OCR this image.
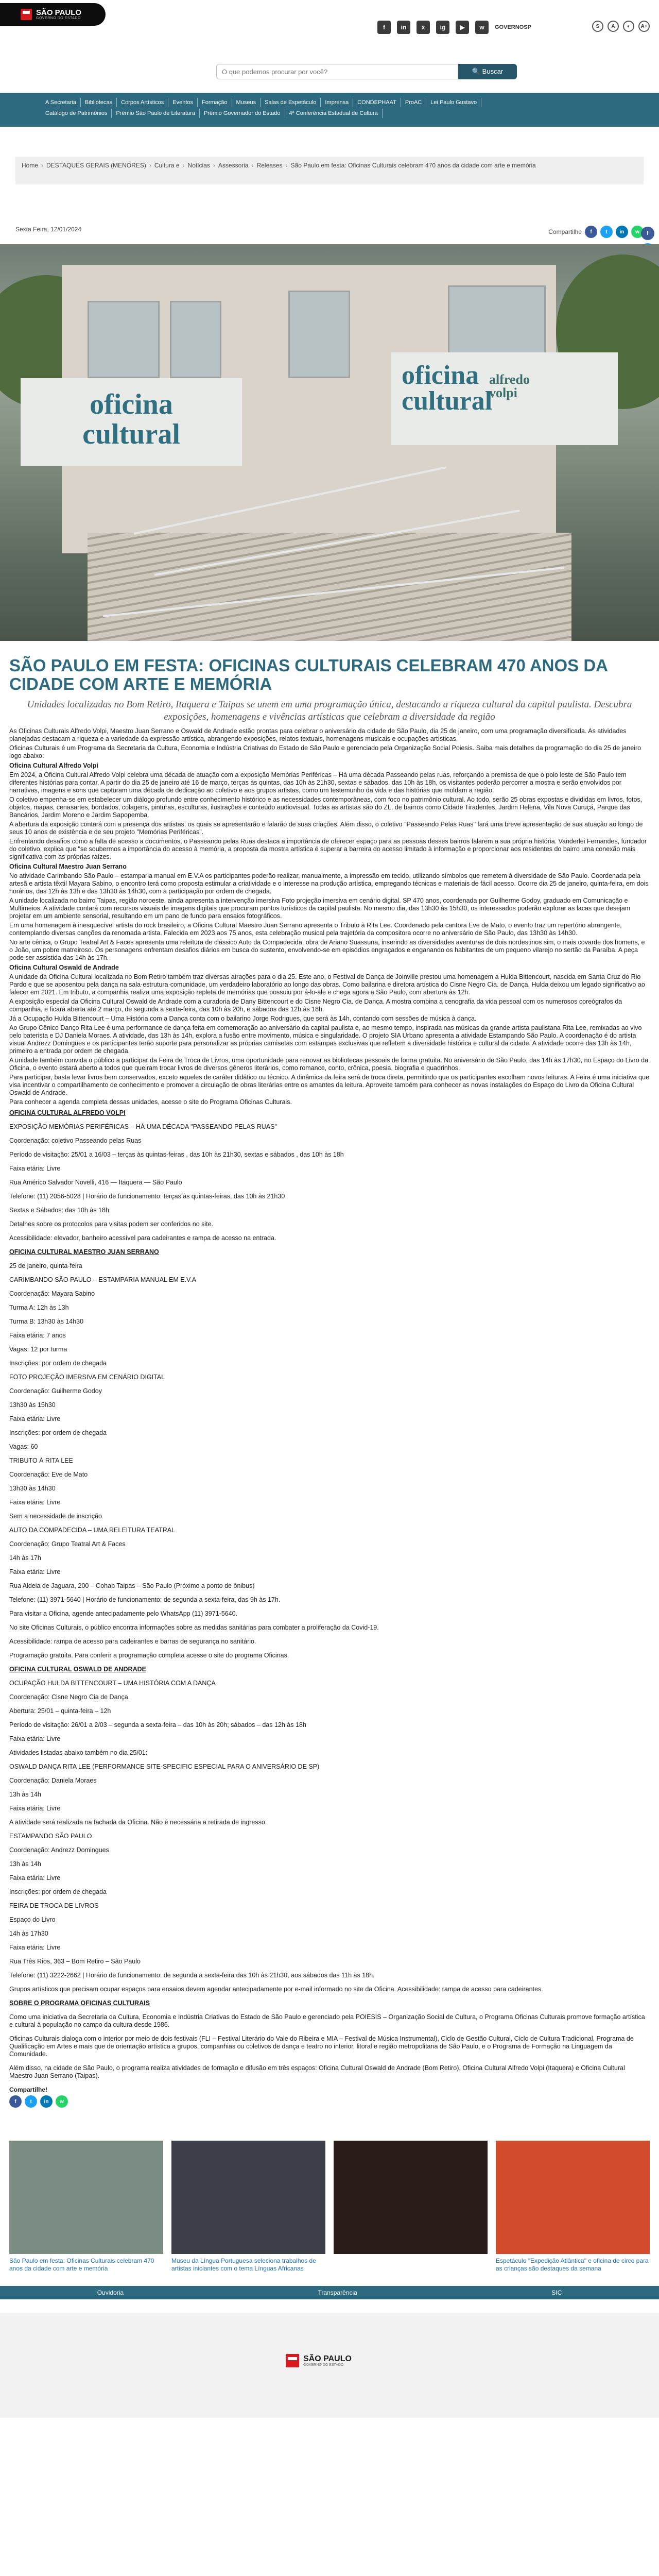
SÃO PAULO
GOVERNO DO ESTADO
f	in	x	ig	▶	w	GOVERNOSP	S	A	◐	A+
O que podemos procurar por você?
🔍 Buscar
A Secretaria	Bibliotecas	Corpos Artísticos	Eventos	Formação	Museus	Salas de Espetáculo	Imprensa	CONDEPHAAT	ProAC	Lei Paulo Gustavo
Catálogo de Patrimônios	Prêmio São Paulo de Literatura	Prêmio Governador do Estado	4ª Conferência Estadual de Cultura
Home › DESTAQUES GERAIS (MENORES) › Cultura e › Notícias › Assessoria › Releases › São Paulo em festa: Oficinas Culturais celebram 470 anos da cidade com arte e memória
Sexta Feira, 12/01/2024	Compartilhe	f	t	in	w	f
oficina
cultural
oficina
cultural
alfredo
volpi
SÃO PAULO EM FESTA: OFICINAS CULTURAIS CELEBRAM 470 ANOS DA CIDADE COM ARTE E MEMÓRIA

Unidades localizadas no Bom Retiro, Itaquera e Taipas se unem em uma programação única, destacando a riqueza cultural da capital paulista. Descubra exposições, homenagens e vivências artísticas que celebram a diversidade da região

As Oficinas Culturais Alfredo Volpi, Maestro Juan Serrano e Oswald de Andrade estão prontas para celebrar o aniversário da cidade de São Paulo, dia 25 de janeiro, com uma programação diversificada. As atividades planejadas destacam a riqueza e a variedade da expressão artística, abrangendo exposições, relatos textuais, homenagens musicais e ocupações artísticas.

Oficinas Culturais é um Programa da Secretaria da Cultura, Economia e Indústria Criativas do Estado de São Paulo e gerenciado pela Organização Social Poiesis. Saiba mais detalhes da programação do dia 25 de janeiro logo abaixo:

Oficina Cultural Alfredo Volpi

Em 2024, a Oficina Cultural Alfredo Volpi celebra uma década de atuação com a exposição Memórias Periféricas – Há uma década Passeando pelas ruas, reforçando a premissa de que o polo leste de São Paulo tem diferentes histórias para contar. A partir do dia 25 de janeiro até 16 de março, terças às quintas, das 10h às 21h30, sextas e sábados, das 10h às 18h, os visitantes poderão percorrer a mostra e serão envolvidos por narrativas, imagens e sons que capturam uma década de dedicação ao coletivo e aos grupos artistas, como um testemunho da vida e das histórias que moldam a região.

O coletivo empenha-se em estabelecer um diálogo profundo entre conhecimento histórico e as necessidades contemporâneas, com foco no patrimônio cultural. Ao todo, serão 25 obras expostas e divididas em livros, fotos, objetos, mapas, cenasartes, bordados, colagens, pinturas, esculturas, ilustrações e conteúdo audiovisual. Todas as artistas são do ZL, de bairros como Cidade Tiradentes, Jardim Helena, Vila Nova Curuçá, Parque das Bancários, Jardim Moreno e Jardim Sapopemba.

A abertura da exposição contará com a presença dos artistas, os quais se apresentarão e falarão de suas criações. Além disso, o coletivo "Passeando Pelas Ruas" fará uma breve apresentação de sua atuação ao longo de seus 10 anos de existência e de seu projeto "Memórias Periféricas".

Enfrentando desafios como a falta de acesso a documentos, o Passeando pelas Ruas destaca a importância de oferecer espaço para as pessoas desses bairros falarem a sua própria história. Vanderlei Fernandes, fundador do coletivo, explica que "se soubermos a importância do acesso à memória, a proposta da mostra artística é superar a barreira do acesso limitado à informação e proporcionar aos residentes do bairro uma conexão mais significativa com as próprias raízes.

Oficina Cultural Maestro Juan Serrano

No atividade Carimbando São Paulo – estamparia manual em E.V.A os participantes poderão realizar, manualmente, a impressão em tecido, utilizando símbolos que remetem à diversidade de São Paulo. Coordenada pela artesã e artista têxtil Mayara Sabino, o encontro terá como proposta estimular a criatividade e o interesse na produção artística, empregando técnicas e materiais de fácil acesso. Ocorre dia 25 de janeiro, quinta-feira, em dois horários, das 12h às 13h e das 13h30 às 14h30, com a participação por ordem de chegada.

A unidade localizada no bairro Taipas, região noroeste, ainda apresenta a intervenção imersiva Foto projeção imersiva em cenário digital. SP 470 anos, coordenada por Guilherme Godoy, graduado em Comunicação e Multimeios. A atividade contará com recursos visuais de imagens digitais que procuram pontos turísticos da capital paulista. No mesmo dia, das 13h30 às 15h30, os interessados poderão explorar as lacas que desejam projetar em um ambiente sensorial, resultando em um pano de fundo para ensaios fotográficos.

Em uma homenagem à inesquecível artista do rock brasileiro, a Oficina Cultural Maestro Juan Serrano apresenta o Tributo à Rita Lee. Coordenado pela cantora Eve de Mato, o evento traz um repertório abrangente, contemplando diversas canções da renomada artista. Falecida em 2023 aos 75 anos, esta celebração musical pela trajetória da compositora ocorre no aniversário de São Paulo, das 13h30 às 14h30.

No arte cênica, o Grupo Teatral Art & Faces apresenta uma releitura de clássico Auto da Compadecida, obra de Ariano Suassuna, inserindo as diversidades aventuras de dois nordestinos sim, o mais covarde dos homens, e o João, um pobre matreiroso. Os personagens enfrentam desafios diários em busca do sustento, envolvendo-se em episódios engraçados e enganando os habitantes de um pequeno vilarejo no sertão da Paraíba. A peça pode ser assistida das 14h às 17h.

Oficina Cultural Oswald de Andrade

A unidade da Oficina Cultural localizada no Bom Retiro também traz diversas atrações para o dia 25. Este ano, o Festival de Dança de Joinville prestou uma homenagem a Hulda Bittencourt, nascida em Santa Cruz do Rio Pardo e que se aposentou pela dança na sala·estrutura·comunidade, um verdadeiro laboratório ao longo das obras. Como bailarina e diretora artística do Cisne Negro Cia. de Dança, Hulda deixou um legado significativo ao falecer em 2021. Em tributo, a companhia realiza uma exposição repleta de memórias que possuiu por á-lo-ale e chega agora a São Paulo, com abertura às 12h.

A exposição especial da Oficina Cultural Oswald de Andrade com a curadoria de Dany Bittencourt e do Cisne Negro Cia. de Dança. A mostra combina a cenografia da vida pessoal com os numerosos coreógrafos da companhia, e ficará aberta até 2 março, de segunda a sexta-feira, das 10h às 20h, e sábados das 12h às 18h.

Já a Ocupação Hulda Bittencourt – Uma História com a Dança conta com o bailarino Jorge Rodrigues, que será às 14h, contando com sessões de música à dança.

Ao Grupo Cênico Danço Rita Lee é uma performance de dança feita em comemoração ao aniversário da capital paulista e, ao mesmo tempo, inspirada nas músicas da grande artista paulistana Rita Lee, remixadas ao vivo pelo baterista e DJ Daniela Moraes. A atividade, das 13h às 14h, explora a fusão entre movimento, música e singularidade. O projeto SIA Urbano apresenta a atividade Estampando São Paulo. A coordenação é do artista visual Andrezz Domingues e os participantes terão suporte para personalizar as próprias camisetas com estampas exclusivas que refletem a diversidade histórica e cultural da cidade. A atividade ocorre das 13h às 14h, primeiro a entrada por ordem de chegada.

A unidade também convida o público a participar da Feira de Troca de Livros, uma oportunidade para renovar as bibliotecas pessoais de forma gratuita. No aniversário de São Paulo, das 14h às 17h30, no Espaço do Livro da Oficina, o evento estará aberto a todos que queiram trocar livros de diversos gêneros literários, como romance, conto, crônica, poesia, biografia e quadrinhos.

Para participar, basta levar livros bem conservados, exceto aqueles de caráter didático ou técnico. A dinâmica da feira será de troca direta, permitindo que os participantes escolham novos leituras. A Feira é uma iniciativa que visa incentivar o compartilhamento de conhecimento e promover a circulação de obras literárias entre os amantes da leitura. Aproveite também para conhecer as novas instalações do Espaço do Livro da Oficina Cultural Oswald de Andrade.

Para conhecer a agenda completa dessas unidades, acesse o site do Programa Oficinas Culturais.

OFICINA CULTURAL ALFREDO VOLPI

EXPOSIÇÃO MEMÓRIAS PERIFÉRICAS – HÁ UMA DÉCADA "PASSEANDO PELAS RUAS"

Coordenação: coletivo Passeando pelas Ruas

Período de visitação: 25/01 a 16/03 – terças às quintas-feiras , das 10h às 21h30, sextas e sábados , das 10h às 18h

Faixa etária: Livre

Rua Américo Salvador Novelli, 416 — Itaquera — São Paulo

Telefone: (11) 2056-5028 | Horário de funcionamento: terças às quintas-feiras, das 10h às 21h30

Sextas e Sábados: das 10h às 18h

Detalhes sobre os protocolos para visitas podem ser conferidos no site.

Acessibilidade: elevador, banheiro acessível para cadeirantes e rampa de acesso na entrada.

OFICINA CULTURAL MAESTRO JUAN SERRANO

25 de janeiro, quinta-feira

CARIMBANDO SÃO PAULO – ESTAMPARIA MANUAL EM E.V.A

Coordenação: Mayara Sabino

Turma A: 12h às 13h

Turma B: 13h30 às 14h30

Faixa etária: 7 anos

Vagas: 12 por turma

Inscrições: por ordem de chegada

FOTO PROJEÇÃO IMERSIVA EM CENÁRIO DIGITAL

Coordenação: Guilherme Godoy

13h30 às 15h30

Faixa etária: Livre

Inscrições: por ordem de chegada

Vagas: 60

TRIBUTO À RITA LEE

Coordenação: Eve de Mato

13h30 às 14h30

Faixa etária: Livre

Sem a necessidade de inscrição

AUTO DA COMPADECIDA – UMA RELEITURA TEATRAL

Coordenação: Grupo Teatral Art & Faces

14h às 17h

Faixa etária: Livre

Rua Aldeia de Jaguara, 200 – Cohab Taipas – São Paulo (Próximo a ponto de ônibus)

Telefone: (11) 3971-5640 | Horário de funcionamento: de segunda a sexta-feira, das 9h às 17h.

Para visitar a Oficina, agende antecipadamente pelo WhatsApp (11) 3971-5640.

No site Oficinas Culturais, o público encontra informações sobre as medidas sanitárias para combater a proliferação da Covid-19.

Acessibilidade: rampa de acesso para cadeirantes e barras de segurança no sanitário.

Programação gratuita. Para conferir a programação completa acesse o site do programa Oficinas.

OFICINA CULTURAL OSWALD DE ANDRADE

OCUPAÇÃO HULDA BITTENCOURT – UMA HISTÓRIA COM A DANÇA

Coordenação: Cisne Negro Cia de Dança

Abertura: 25/01 – quinta-feira – 12h

Período de visitação: 26/01 a 2/03 – segunda a sexta-feira – das 10h às 20h; sábados – das 12h às 18h

Faixa etária: Livre

Atividades listadas abaixo também no dia 25/01:

OSWALD DANÇA RITA LEE (PERFORMANCE SITE-SPECIFIC ESPECIAL PARA O ANIVERSÁRIO DE SP)

Coordenação: Daniela Moraes

13h às 14h

Faixa etária: Livre

A atividade será realizada na fachada da Oficina. Não é necessária a retirada de ingresso.

ESTAMPANDO SÃO PAULO

Coordenação: Andrezz Domingues

13h às 14h

Faixa etária: Livre

Inscrições: por ordem de chegada

FEIRA DE TROCA DE LIVROS

Espaço do Livro

14h às 17h30

Faixa etária: Livre

Rua Três Rios, 363 – Bom Retiro – São Paulo

Telefone: (11) 3222-2662 | Horário de funcionamento: de segunda a sexta-feira das 10h às 21h30, aos sábados das 11h às 18h.

Grupos artísticos que precisam ocupar espaços para ensaios devem agendar antecipadamente por e-mail informado no site da Oficina. Acessibilidade: rampa de acesso para cadeirantes.

SOBRE O PROGRAMA OFICINAS CULTURAIS

Como uma iniciativa da Secretaria da Cultura, Economia e Indústria Criativas do Estado de São Paulo e gerenciado pela POIESIS – Organização Social de Cultura, o Programa Oficinas Culturais promove formação artística e cultural à população no campo da cultura desde 1986.

Oficinas Culturais dialoga com o interior por meio de dois festivais (FLI – Festival Literário do Vale do Ribeira e MIA – Festival de Música Instrumental), Ciclo de Gestão Cultural, Ciclo de Cultura Tradicional, Programa de Qualificação em Artes e mais que de orientação artística a grupos, companhias ou coletivos de dança e teatro no interior, litoral e região metropolitana de São Paulo, e o Programa de Formação na Linguagem da Comunidade.

Além disso, na cidade de São Paulo, o programa realiza atividades de formação e difusão em três espaços: Oficina Cultural Oswald de Andrade (Bom Retiro), Oficina Cultural Alfredo Volpi (Itaquera) e Oficina Cultural Maestro Juan Serrano (Taipas).

Compartilhe!
f	t	in	w
São Paulo em festa: Oficinas Culturais celebram 470 anos da cidade com arte e memória
Museu da Língua Portuguesa seleciona trabalhos de artistas iniciantes com o tema Línguas Africanas
Espetáculo "Expedição Atlântica" e oficina de circo para as crianças são destaques da semana
Ouvidoria	Transparência	SIC
SÃO PAULO
GOVERNO DO ESTADO
